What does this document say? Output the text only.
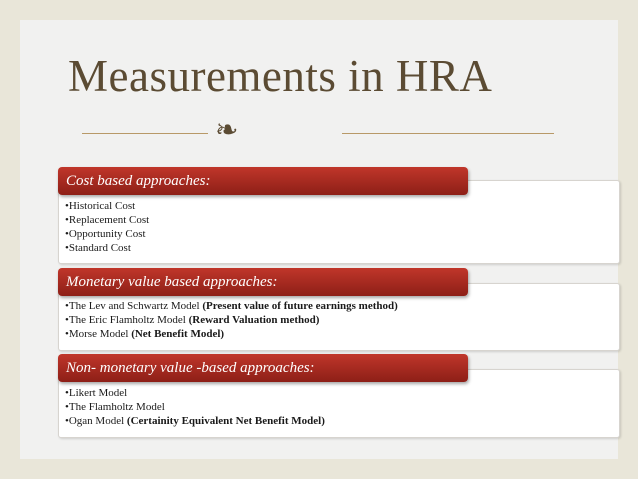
Measurements in HRA
❧
Cost based approaches:
•Historical Cost
•Replacement Cost
•Opportunity Cost
•Standard Cost
Monetary value based approaches:
•The Lev and Schwartz Model (Present value of future earnings method)
•The Eric Flamholtz Model (Reward Valuation method)
•Morse Model (Net Benefit Model)
Non- monetary value -based approaches:
•Likert Model
•The Flamholtz Model
•Ogan Model (Certainity Equivalent Net Benefit Model)
